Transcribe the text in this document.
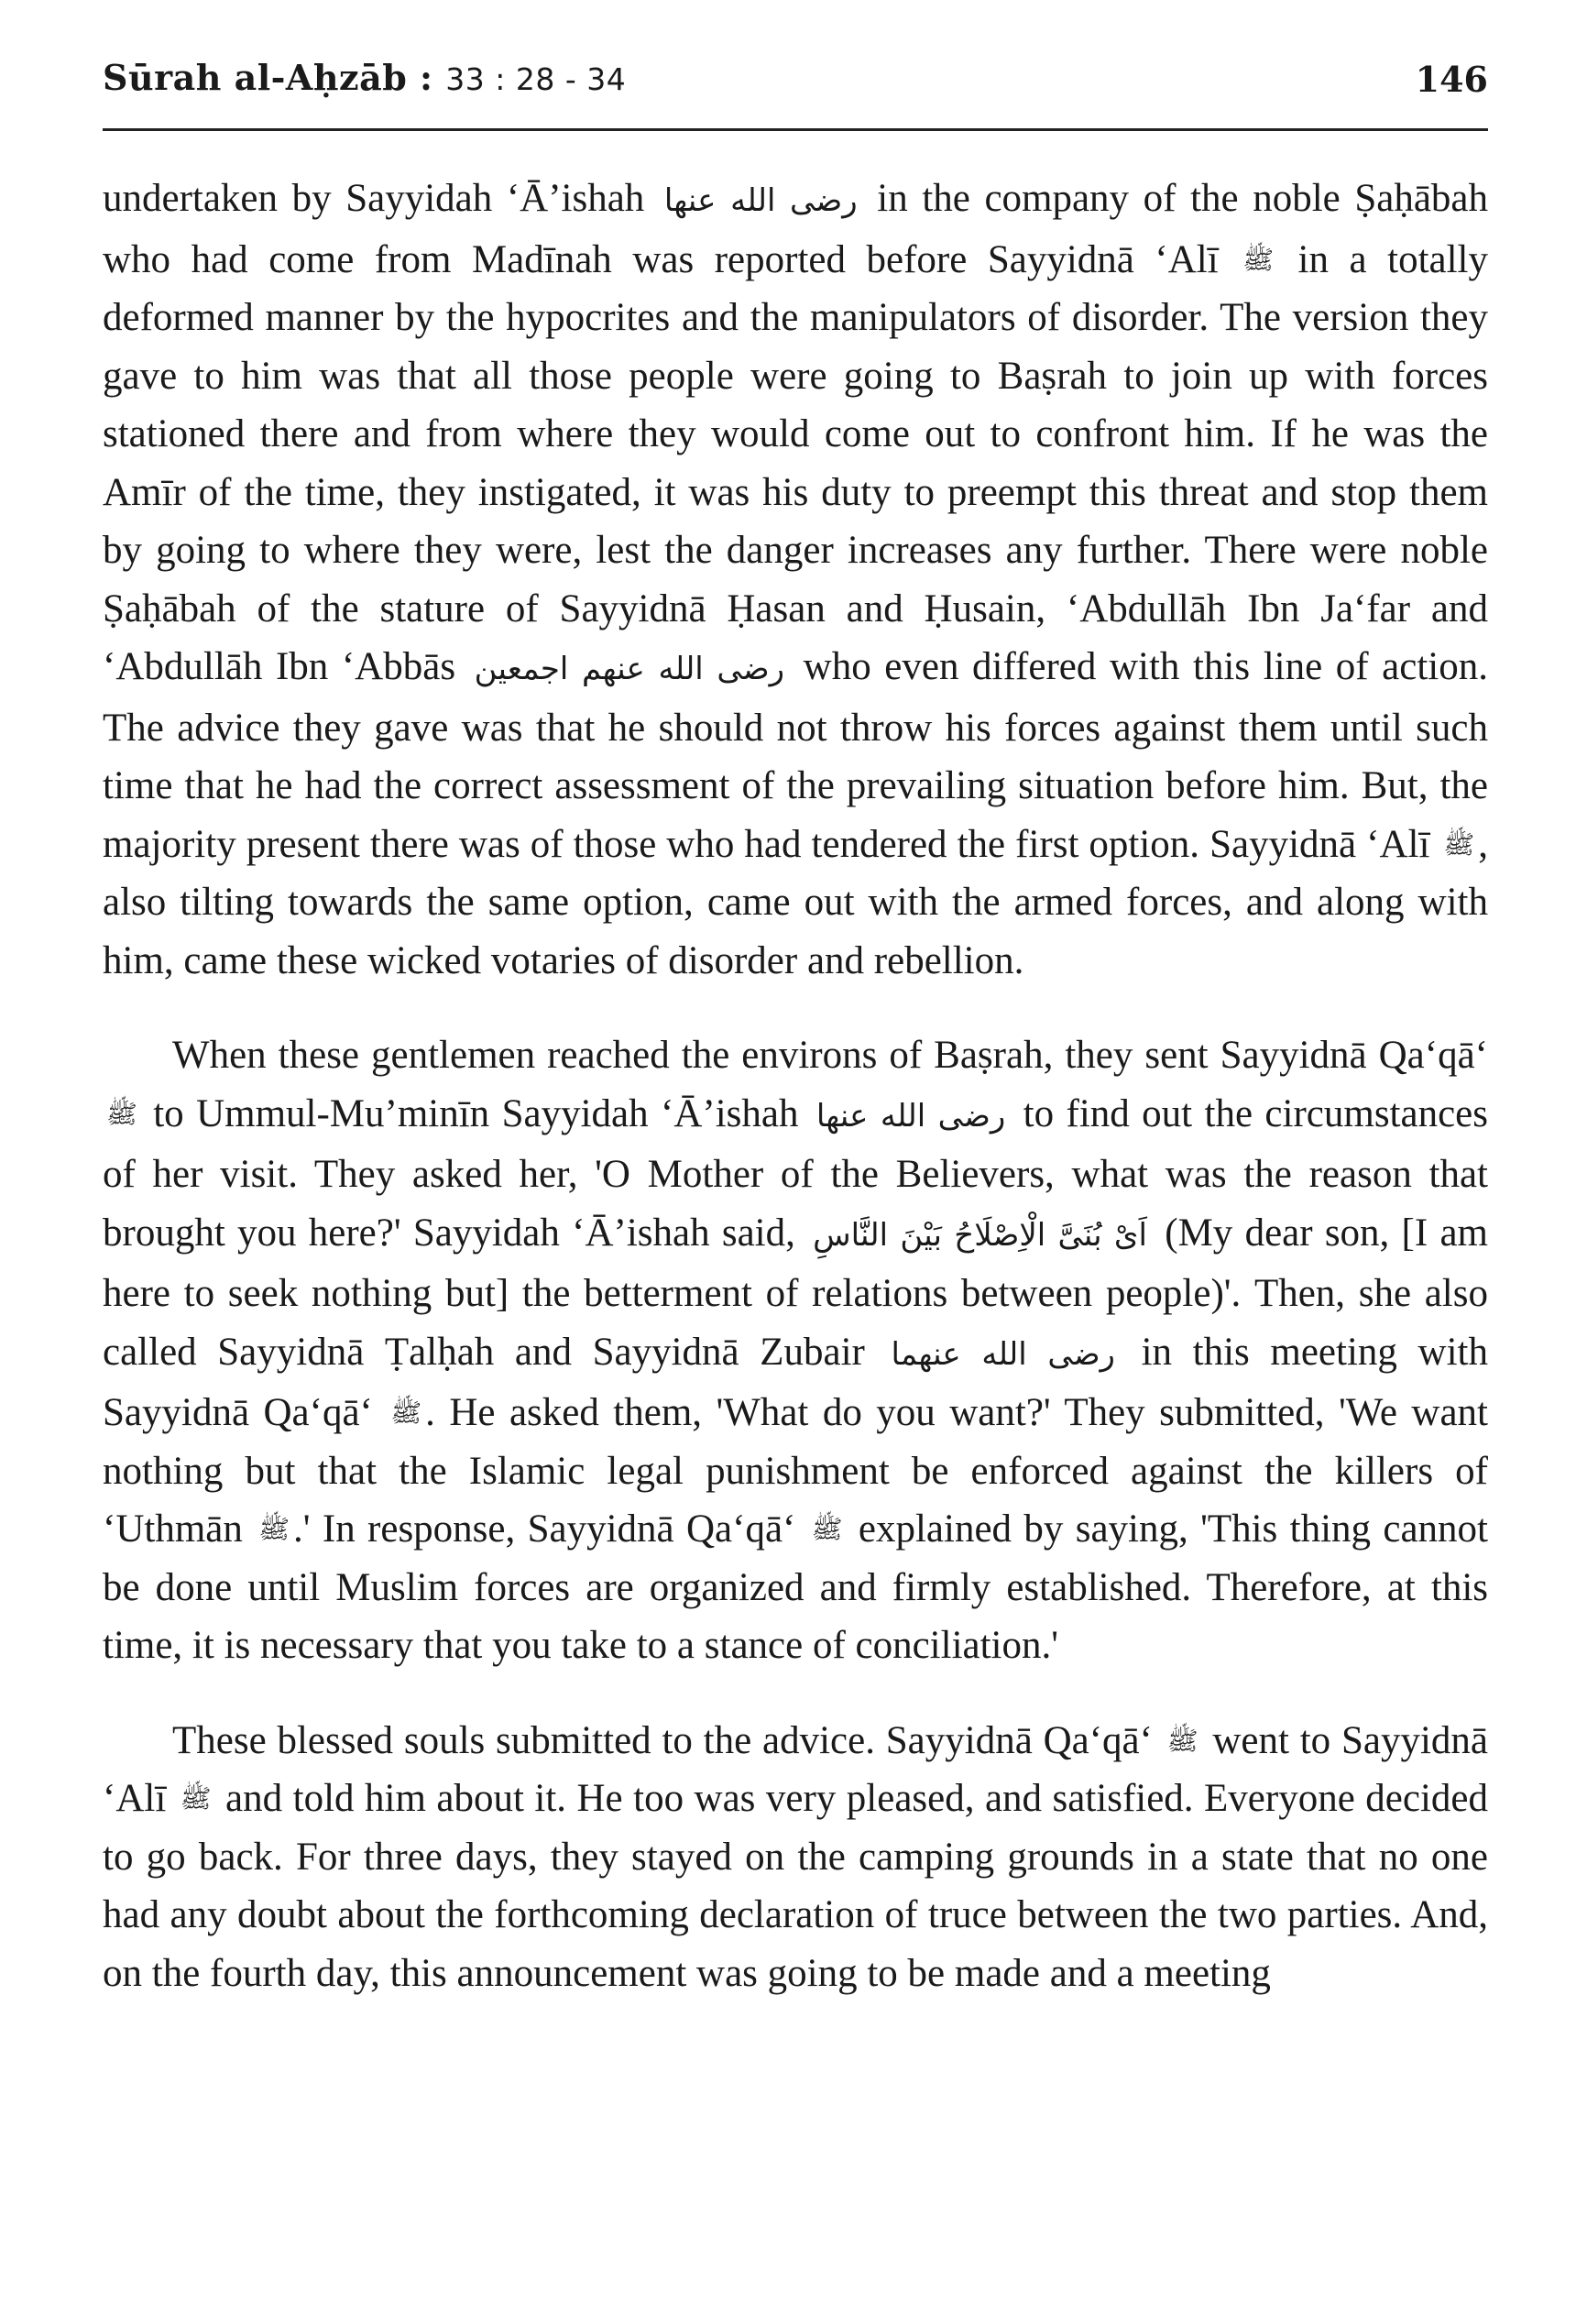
Sūrah al-Aḥzāb : 33 : 28 - 34	146

undertaken by Sayyidah ‘Ā’ishah رضى الله عنها in the company of the noble Ṣaḥābah who had come from Madīnah was reported before Sayyidnā ‘Alī ﷺ in a totally deformed manner by the hypocrites and the manipulators of disorder. The version they gave to him was that all those people were going to Baṣrah to join up with forces stationed there and from where they would come out to confront him. If he was the Amīr of the time, they instigated, it was his duty to preempt this threat and stop them by going to where they were, lest the danger increases any further. There were noble Ṣaḥābah of the stature of Sayyidnā Ḥasan and Ḥusain, ‘Abdullāh Ibn Ja‘far and ‘Abdullāh Ibn ‘Abbās رضى الله عنهم اجمعين who even differed with this line of action. The advice they gave was that he should not throw his forces against them until such time that he had the correct assessment of the prevailing situation before him. But, the majority present there was of those who had tendered the first option. Sayyidnā ‘Alī ﷺ, also tilting towards the same option, came out with the armed forces, and along with him, came these wicked votaries of disorder and rebellion.

When these gentlemen reached the environs of Baṣrah, they sent Sayyidnā Qa‘qā‘ ﷺ to Ummul-Mu’minīn Sayyidah ‘Ā’ishah رضى الله عنها to find out the circumstances of her visit. They asked her, 'O Mother of the Believers, what was the reason that brought you here?' Sayyidah ‘Ā’ishah said, اَىْ بُنَىَّ الْاِصْلَاحُ بَيْنَ النَّاسِ (My dear son, [I am here to seek nothing but] the betterment of relations between people)'. Then, she also called Sayyidnā Ṭalḥah and Sayyidnā Zubair رضى الله عنهما in this meeting with Sayyidnā Qa‘qā‘ ﷺ. He asked them, 'What do you want?' They submitted, 'We want nothing but that the Islamic legal punishment be enforced against the killers of ‘Uthmān ﷺ.' In response, Sayyidnā Qa‘qā‘ ﷺ explained by saying, 'This thing cannot be done until Muslim forces are organized and firmly established. Therefore, at this time, it is necessary that you take to a stance of conciliation.'

These blessed souls submitted to the advice. Sayyidnā Qa‘qā‘ ﷺ went to Sayyidnā ‘Alī ﷺ and told him about it. He too was very pleased, and satisfied. Everyone decided to go back. For three days, they stayed on the camping grounds in a state that no one had any doubt about the forthcoming declaration of truce between the two parties. And, on the fourth day, this announcement was going to be made and a meeting
